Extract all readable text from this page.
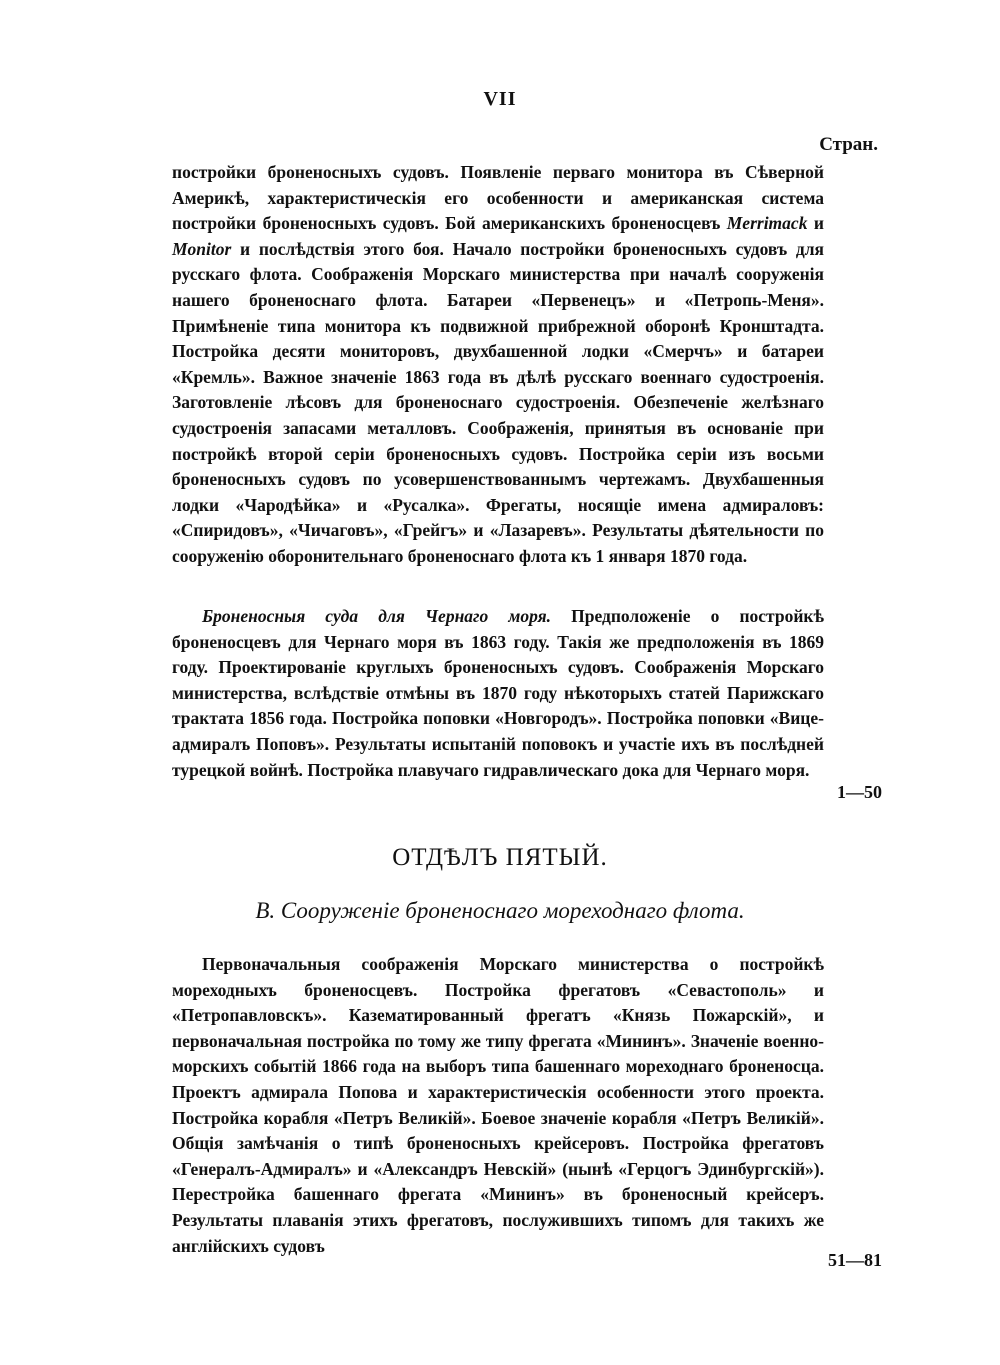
VII
Стран.

постройки броненосныхъ судовъ. Появленіе перваго монитора въ Сѣверной Америкѣ, характеристическія его особенности и американская система постройки броненосныхъ судовъ. Бой американскихъ броненосцевъ Merrimack и Monitor и послѣдствія этого боя. Начало постройки броненосныхъ судовъ для русскаго флота. Соображенія Морскаго министерства при началѣ сооруженія нашего броненоснаго флота. Батареи «Первенецъ» и «Петропь-Меня». Примѣненіе типа монитора къ подвижной прибрежной оборонѣ Кронштадта. Постройка десяти мониторовъ, двухбашенной лодки «Смерчъ» и батареи «Кремль». Важное значеніе 1863 года въ дѣлѣ русскаго военнаго судостроенія. Заготовленіе лѣсовъ для броненоснаго судостроенія. Обезпеченіе желѣзнаго судостроенія запасами металловъ. Соображенія, принятыя въ основаніе при постройкѣ второй серіи броненосныхъ судовъ. Постройка серіи изъ восьми броненосныхъ судовъ по усовершенствованнымъ чертежамъ. Двухбашенныя лодки «Чародѣйка» и «Русалка». Фрегаты, носящіе имена адмираловъ: «Спиридовъ», «Чичаговъ», «Грейгъ» и «Лазаревъ». Результаты дѣятельности по сооруженію оборонительнаго броненоснаго флота къ 1 января 1870 года.

Броненосныя суда для Чернаго моря. Предположеніе о постройкѣ броненосцевъ для Чернаго моря въ 1863 году. Такія же предположенія въ 1869 году. Проектированіе круглыхъ броненосныхъ судовъ. Соображенія Морскаго министерства, вслѣдствіе отмѣны въ 1870 году нѣкоторыхъ статей Парижскаго трактата 1856 года. Постройка поповки «Новгородъ». Постройка поповки «Вице-адмиралъ Поповъ». Результаты испытаній поповокъ и участіе ихъ въ послѣдней турецкой войнѣ. Постройка плавучаго гидравлическаго дока для Чернаго моря.

1—50
ОТДѢЛЪ ПЯТЫЙ.
B. Сооруженіе броненоснаго мореходнаго флота.

Первоначальныя соображенія Морскаго министерства о постройкѣ мореходныхъ броненосцевъ. Постройка фрегатовъ «Севастополь» и «Петропавловскъ». Казематированный фрегатъ «Князь Пожарскій», и первоначальная постройка по тому же типу фрегата «Мининъ». Значеніе военно-морскихъ событій 1866 года на выборъ типа башеннаго мореходнаго броненосца. Проектъ адмирала Попова и характеристическія особенности этого проекта. Постройка корабля «Петръ Великій». Боевое значеніе корабля «Петръ Великій». Общія замѣчанія о типѣ броненосныхъ крейсеровъ. Постройка фрегатовъ «Генералъ-Адмиралъ» и «Александръ Невскій» (нынѣ «Герцогъ Эдинбургскій»). Перестройка башеннаго фрегата «Мининъ» въ броненосный крейсеръ. Результаты плаванія этихъ фрегатовъ, послужившихъ типомъ для такихъ же англійскихъ судовъ

51—81
